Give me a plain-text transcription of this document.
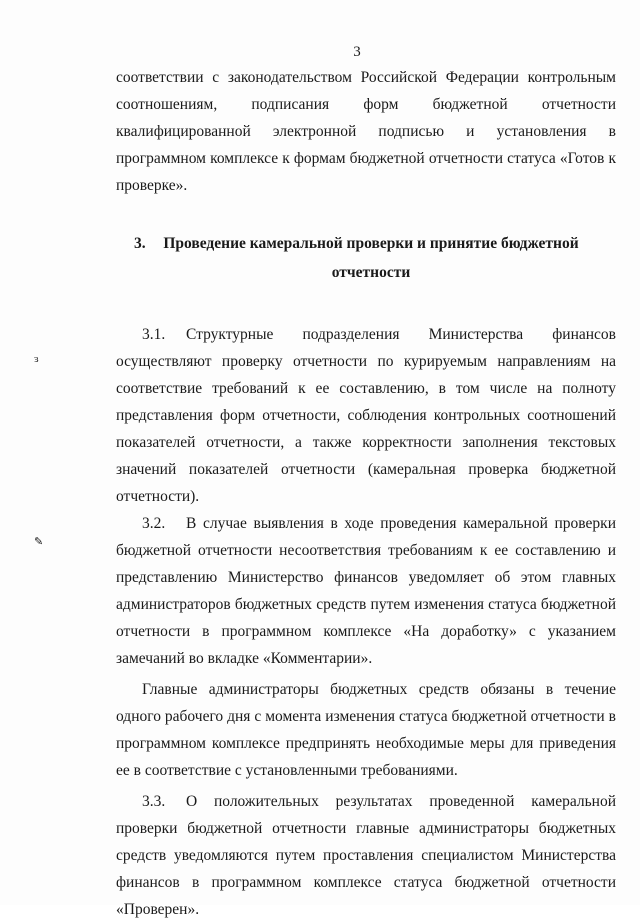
3
ɜ
✎

соответствии с законодательством Российской Федерации контрольным соотношениям, подписания форм бюджетной отчетности квалифицированной электронной подписью и установления в программном комплексе к формам бюджетной отчетности статуса «Готов к проверке».

3. Проведение камеральной проверки и принятие бюджетной отчетности

3.1. Структурные подразделения Министерства финансов осуществляют проверку отчетности по курируемым направлениям на соответствие требований к ее составлению, в том числе на полноту представления форм отчетности, соблюдения контрольных соотношений показателей отчетности, а также корректности заполнения текстовых значений показателей отчетности (камеральная проверка бюджетной отчетности).

3.2. В случае выявления в ходе проведения камеральной проверки бюджетной отчетности несоответствия требованиям к ее составлению и представлению Министерство финансов уведомляет об этом главных администраторов бюджетных средств путем изменения статуса бюджетной отчетности в программном комплексе «На доработку» с указанием замечаний во вкладке «Комментарии».

Главные администраторы бюджетных средств обязаны в течение одного рабочего дня с момента изменения статуса бюджетной отчетности в программном комплексе предпринять необходимые меры для приведения ее в соответствие с установленными требованиями.

3.3. О положительных результатах проведенной камеральной проверки бюджетной отчетности главные администраторы бюджетных средств уведомляются путем проставления специалистом Министерства финансов в программном комплексе статуса бюджетной отчетности «Проверен».
